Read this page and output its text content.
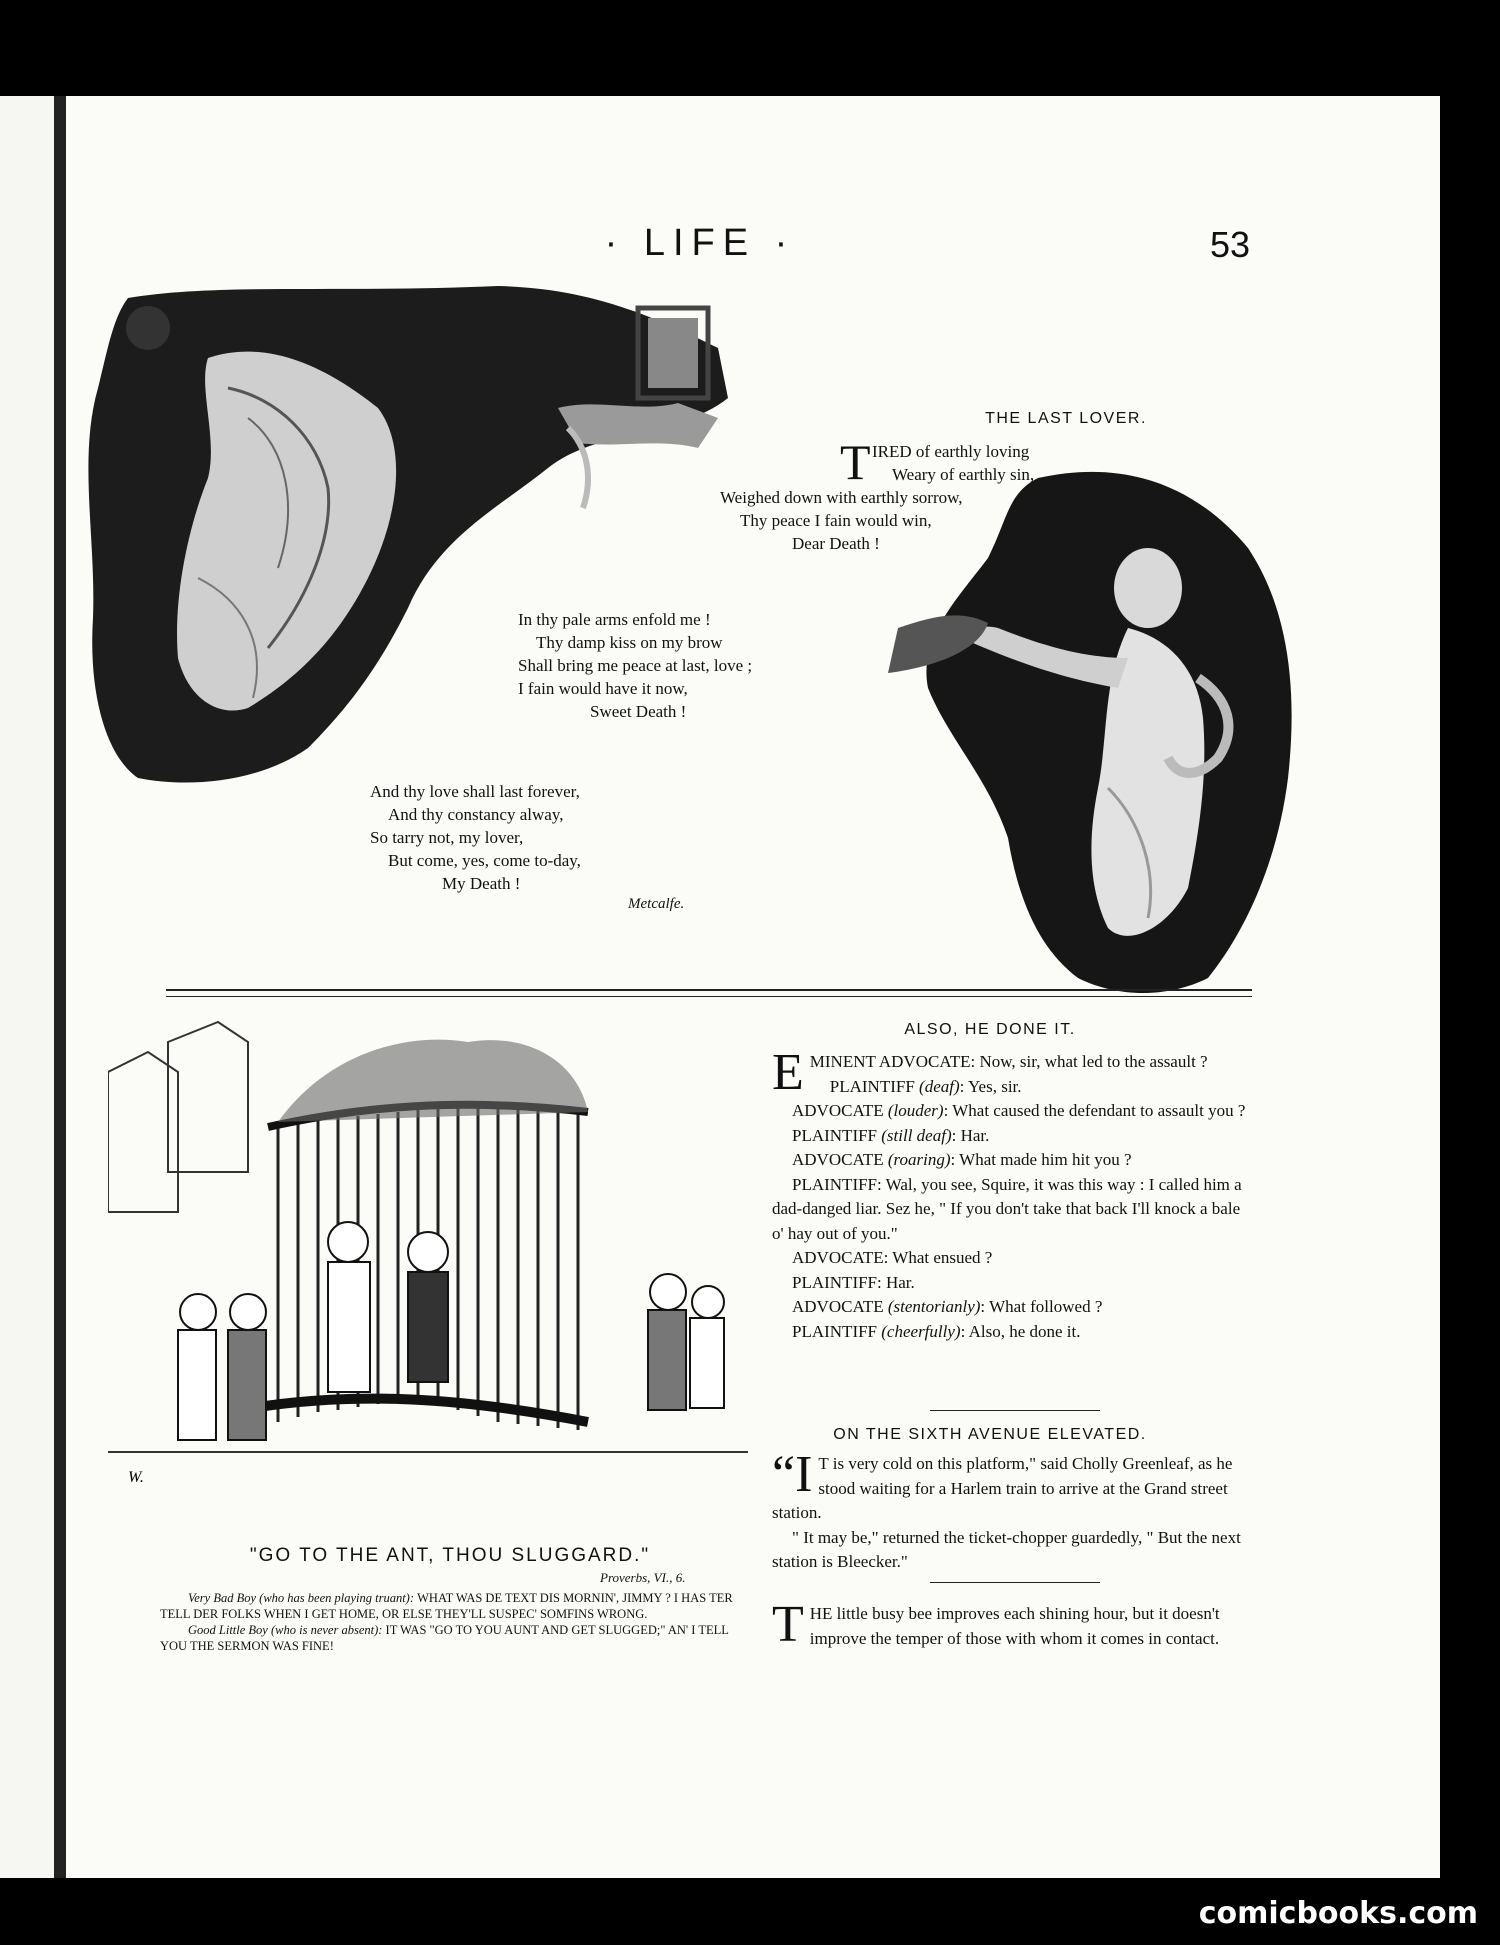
· LIFE ·	53
THE LAST LOVER.
T IRED of earthly loving
Weary of earthly sin,
Weighed down with earthly sorrow,
Thy peace I fain would win,
Dear Death !
In thy pale arms enfold me !
Thy damp kiss on my brow
Shall bring me peace at last, love ;
I fain would have it now,
Sweet Death !
And thy love shall last forever,
And thy constancy alway,
So tarry not, my lover,
But come, yes, come to-day,
My Death !
Metcalfe.
W.
"GO TO THE ANT, THOU SLUGGARD."
Proverbs, VI., 6.

Very Bad Boy (who has been playing truant): WHAT WAS DE TEXT DIS MORNIN', JIMMY ? I HAS TER TELL DER FOLKS WHEN I GET HOME, OR ELSE THEY'LL SUSPEC' SOMFINS WRONG.

Good Little Boy (who is never absent): IT WAS "GO TO YOU AUNT AND GET SLUGGED;" AN' I TELL YOU THE SERMON WAS FINE!

ALSO, HE DONE IT.

EMINENT ADVOCATE: Now, sir, what led to the assault ?

PLAINTIFF (deaf): Yes, sir.

ADVOCATE (louder): What caused the defendant to assault you ?

PLAINTIFF (still deaf): Har.

ADVOCATE (roaring): What made him hit you ?

PLAINTIFF: Wal, you see, Squire, it was this way : I called him a dad-danged liar. Sez he, " If you don't take that back I'll knock a bale o' hay out of you."

ADVOCATE: What ensued ?

PLAINTIFF: Har.

ADVOCATE (stentorianly): What followed ?

PLAINTIFF (cheerfully): Also, he done it.

ON THE SIXTH AVENUE ELEVATED.

“I T is very cold on this platform," said Cholly Greenleaf, as he stood waiting for a Harlem train to arrive at the Grand street station.

" It may be," returned the ticket-chopper guardedly, " But the next station is Bleecker."

THE little busy bee improves each shining hour, but it doesn't improve the temper of those with whom it comes in contact.

comicbooks.com
